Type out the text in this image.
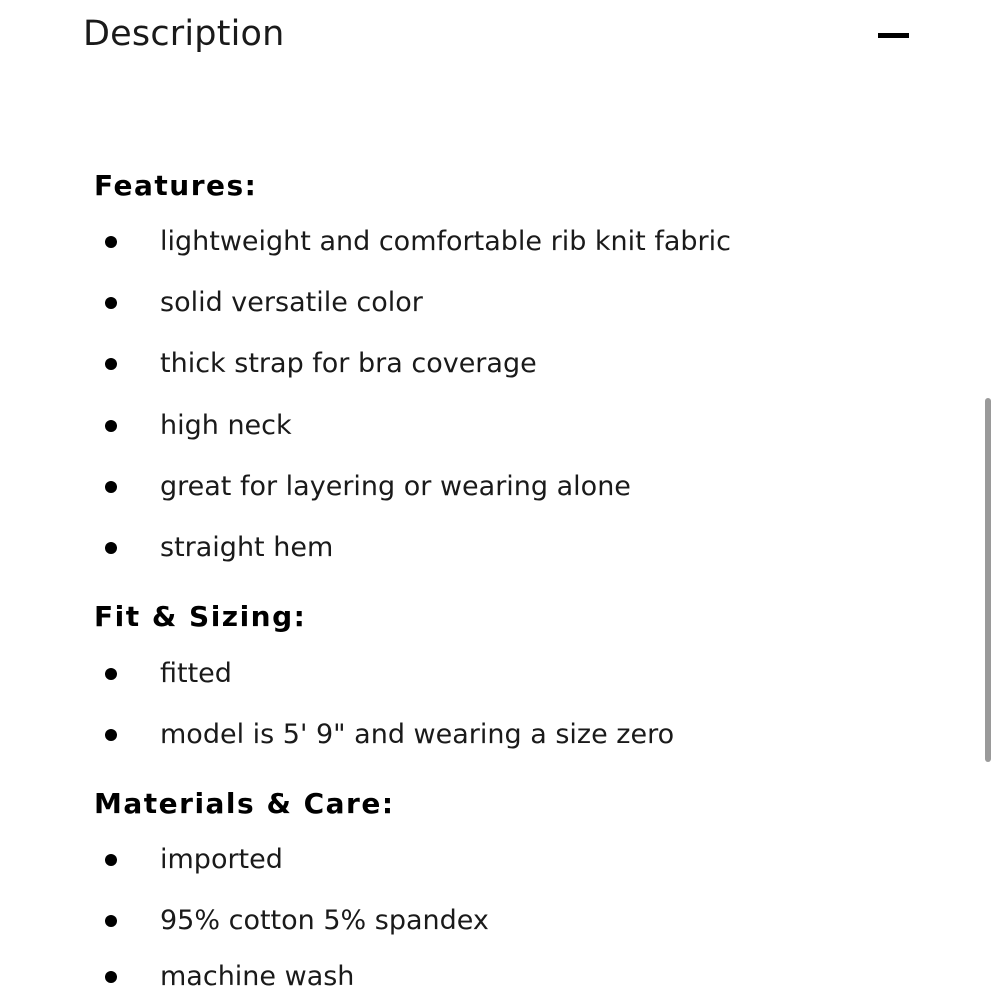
Description
Features:
lightweight and comfortable rib knit fabric
solid versatile color
thick strap for bra coverage
high neck
great for layering or wearing alone
straight hem
Fit & Sizing:
fitted
model is 5' 9" and wearing a size zero
Materials & Care:
imported
95% cotton 5% spandex
machine wash
